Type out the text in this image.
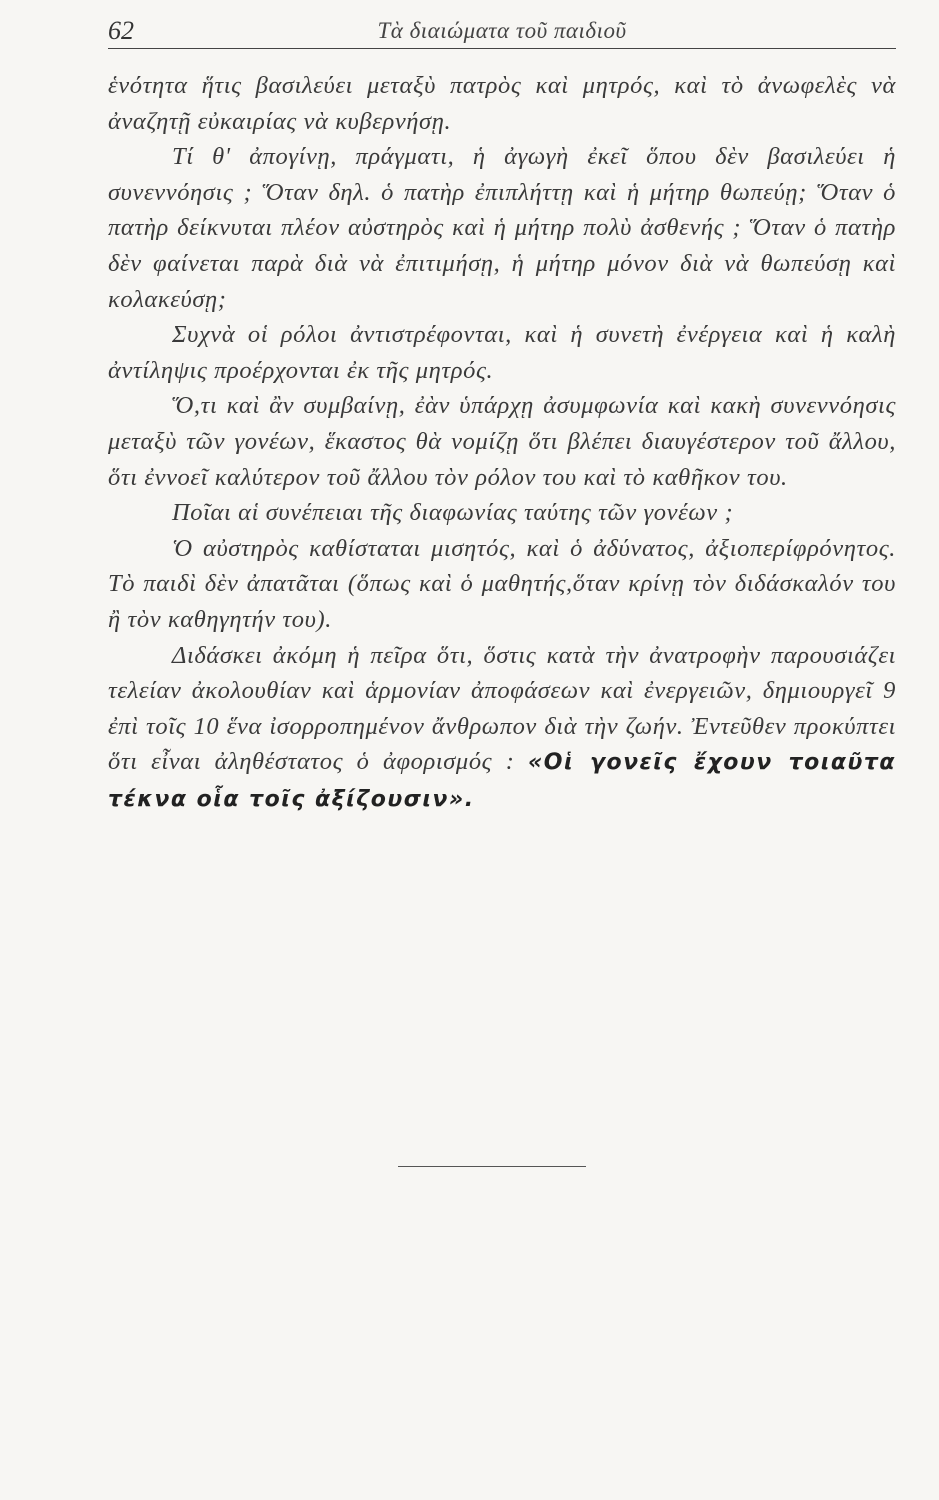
62	Τὰ διαιώματα τοῦ παιδιοῦ

ἑνότητα ἥτις βασιλεύει μεταξὺ πατρὸς καὶ μητρός, καὶ τὸ ἀνωφελὲς νὰ ἀναζητῇ εὐκαιρίας νὰ κυβερνήσῃ.

Τί θ' ἀπογίνῃ, πράγματι, ἡ ἀγωγὴ ἐκεῖ ὅπου δὲν βασιλεύει ἡ συνεννόησις ; Ὅταν δηλ. ὁ πατὴρ ἐπιπλήττῃ καὶ ἡ μήτηρ θωπεύῃ; Ὅταν ὁ πατὴρ δείκνυται πλέον αὐστηρὸς καὶ ἡ μήτηρ πολὺ ἀσθενής ; Ὅταν ὁ πατὴρ δὲν φαίνεται παρὰ διὰ νὰ ἐπιτιμήσῃ, ἡ μήτηρ μόνον διὰ νὰ θωπεύσῃ καὶ κολακεύσῃ;

Συχνὰ οἱ ρόλοι ἀντιστρέφονται, καὶ ἡ συνετὴ ἐνέργεια καὶ ἡ καλὴ ἀντίληψις προέρχονται ἐκ τῆς μητρός.

Ὅ,τι καὶ ἂν συμβαίνῃ, ἐὰν ὑπάρχῃ ἀσυμφωνία καὶ κακὴ συνεννόησις μεταξὺ τῶν γονέων, ἕκαστος θὰ νομίζῃ ὅτι βλέπει διαυγέστερον τοῦ ἄλλου, ὅτι ἐννοεῖ καλύτερον τοῦ ἄλλου τὸν ρόλον του καὶ τὸ καθῆκον του.

Ποῖαι αἱ συνέπειαι τῆς διαφωνίας ταύτης τῶν γονέων ;

Ὁ αὐστηρὸς καθίσταται μισητός, καὶ ὁ ἀδύνατος, ἀξιοπερίφρόνητος. Τὸ παιδὶ δὲν ἀπατᾶται (ὅπως καὶ ὁ μαθητής,ὅταν κρίνῃ τὸν διδάσκαλόν του ἢ τὸν καθηγητήν του).

Διδάσκει ἀκόμη ἡ πεῖρα ὅτι, ὅστις κατὰ τὴν ἀνατροφὴν παρουσιάζει τελείαν ἀκολουθίαν καὶ ἁρμονίαν ἀποφάσεων καὶ ἐνεργειῶν, δημιουργεῖ 9 ἐπὶ τοῖς 10 ἕνα ἰσορροπημένον ἄνθρωπον διὰ τὴν ζωήν. Ἐντεῦθεν προκύπτει ὅτι εἶναι ἀληθέστατος ὁ ἀφορισμός : «Οἱ γονεῖς ἔχουν τοιαῦτα τέκνα οἷα τοῖς ἀξίζουσιν».
